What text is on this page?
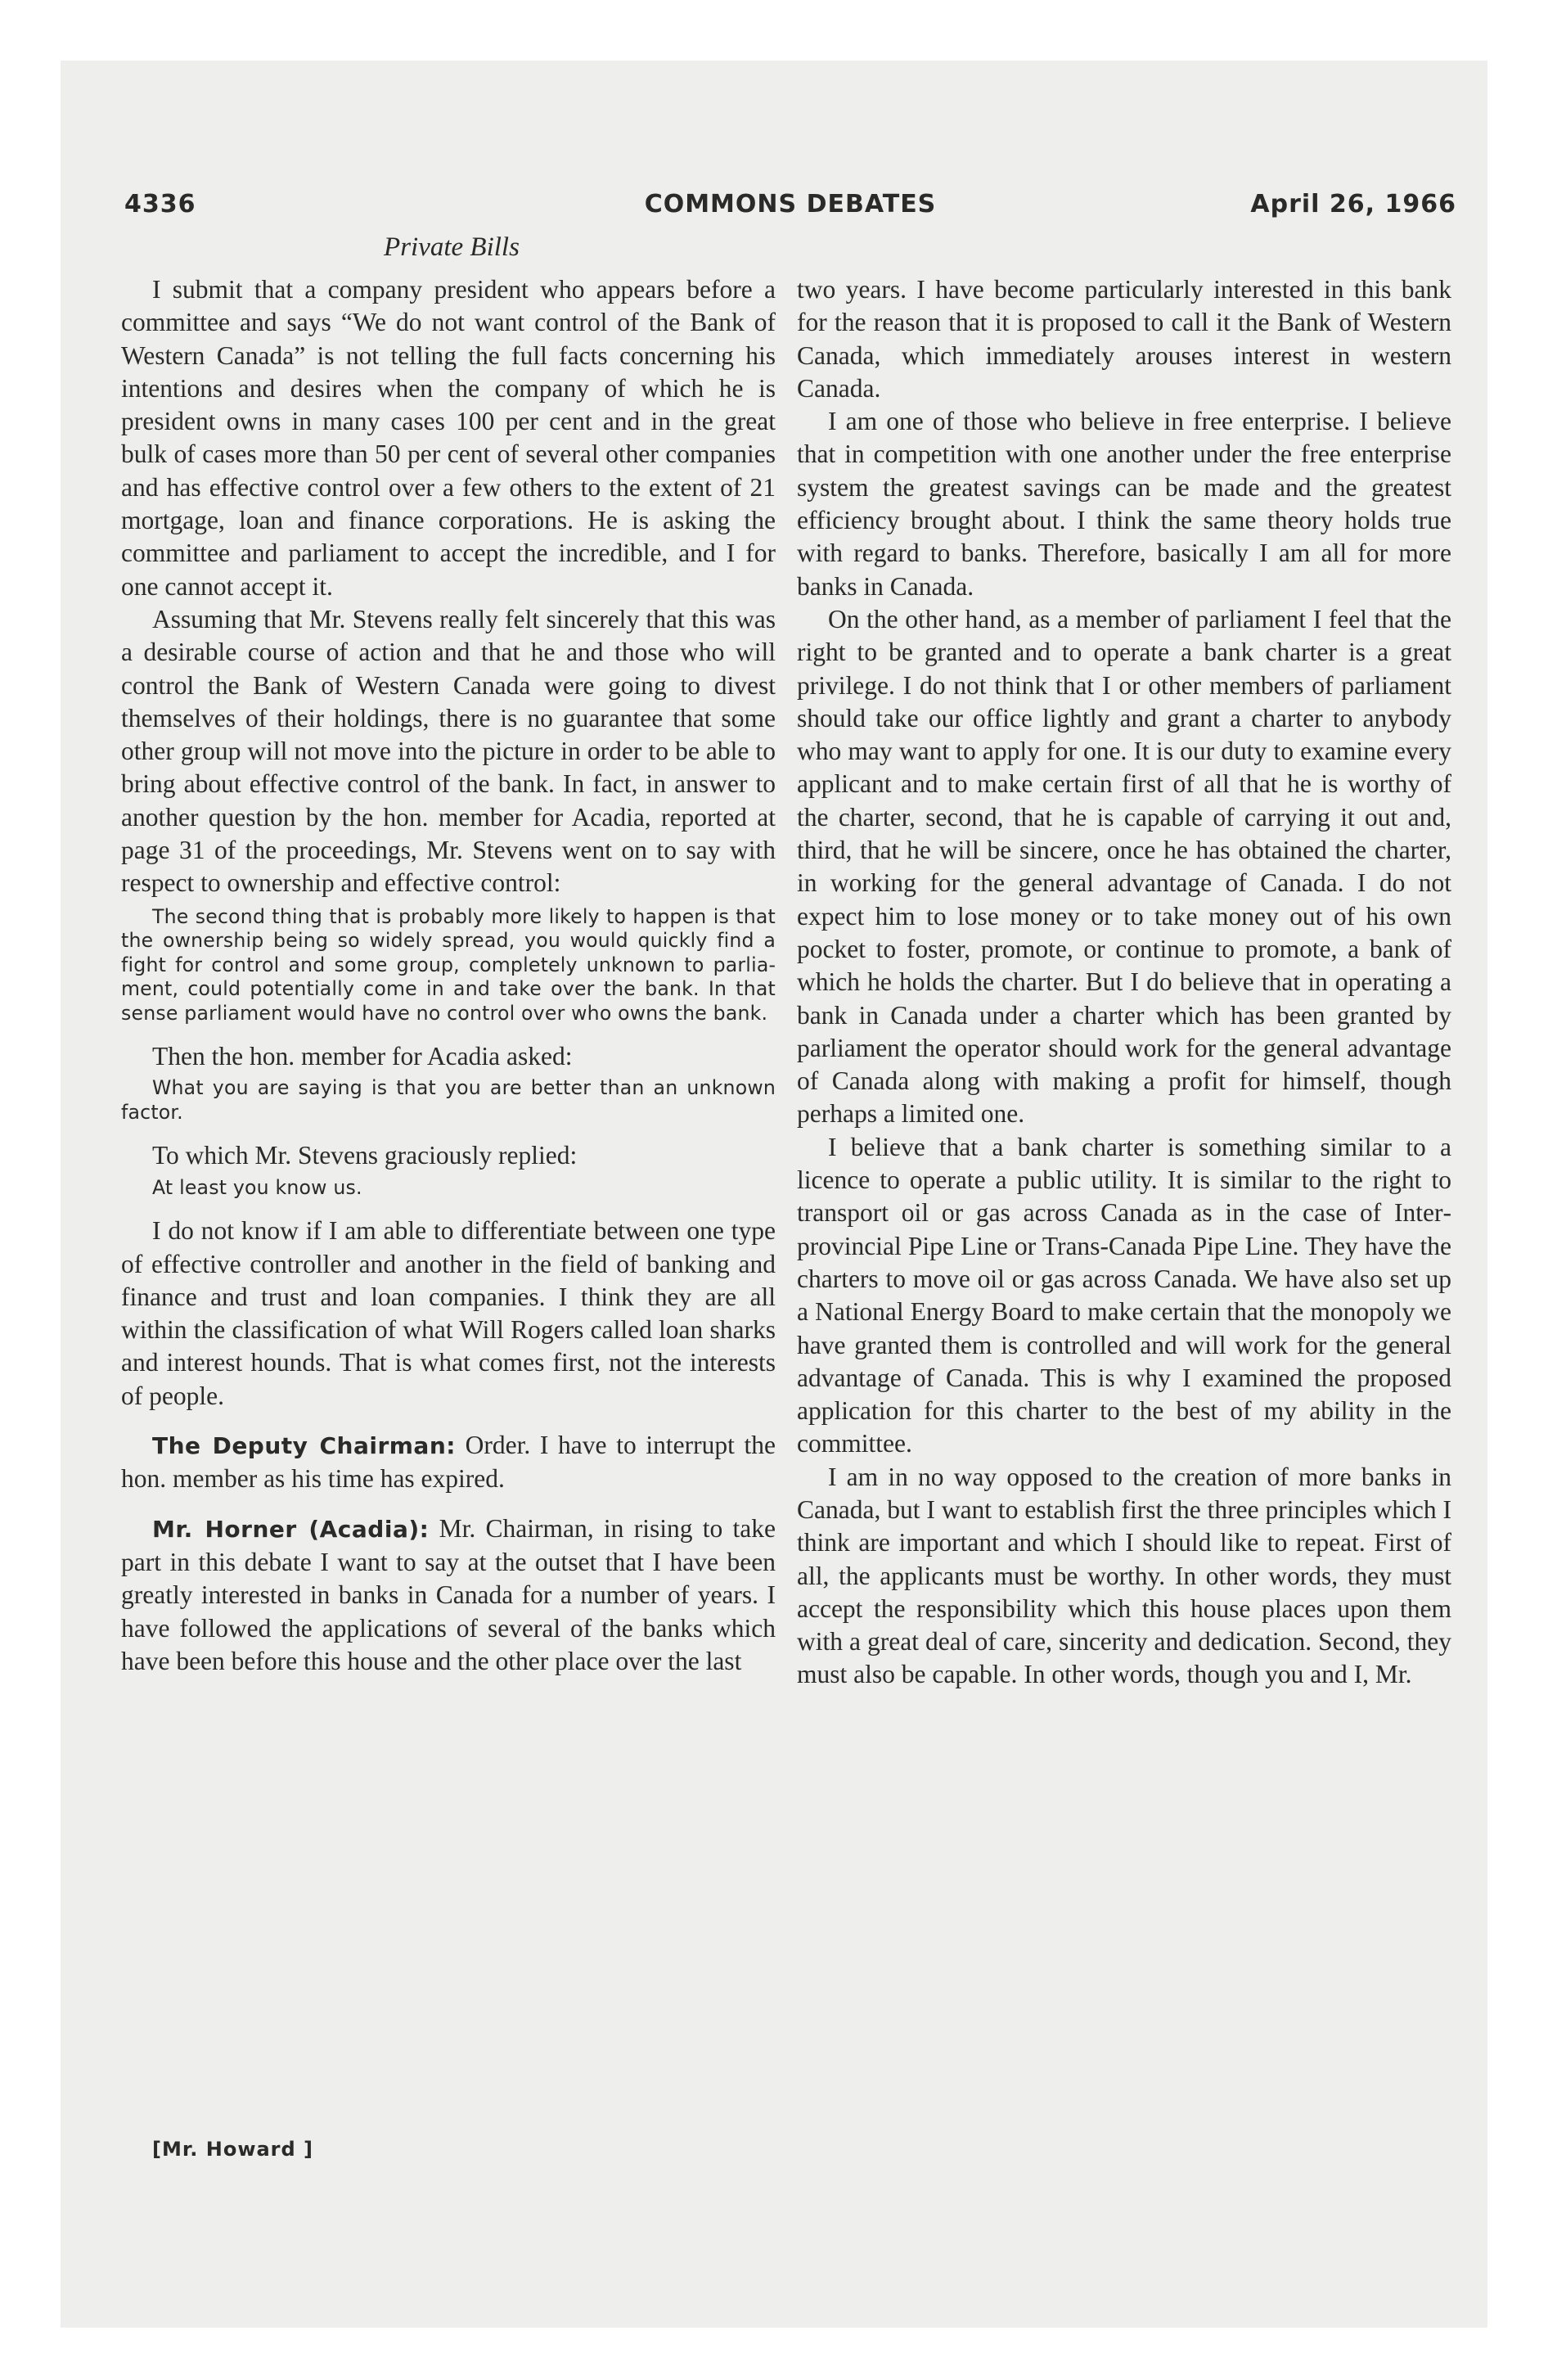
4336	COMMONS DEBATES	April 26, 1966
Private Bills

I submit that a company president who appears before a committee and says “We do not want control of the Bank of Western Canada” is not telling the full facts concerning his intentions and desires when the company of which he is president owns in many cases 100 per cent and in the great bulk of cases more than 50 per cent of several other companies and has effective control over a few others to the extent of 21 mortgage, loan and finance corporations. He is asking the committee and parliament to accept the incredible, and I for one cannot accept it.

Assuming that Mr. Stevens really felt sincerely that this was a desirable course of action and that he and those who will control the Bank of Western Canada were going to divest themselves of their holdings, there is no guarantee that some other group will not move into the picture in order to be able to bring about effective control of the bank. In fact, in answer to another question by the hon. member for Acadia, reported at page 31 of the proceedings, Mr. Stevens went on to say with respect to ownership and effective control:

The second thing that is probably more likely to happen is that the ownership being so widely spread, you would quickly find a fight for control and some group, completely unknown to parliament, could potentially come in and take over the bank. In that sense parliament would have no control over who owns the bank.

Then the hon. member for Acadia asked:

What you are saying is that you are better than an unknown factor.

To which Mr. Stevens graciously replied:

At least you know us.

I do not know if I am able to differentiate between one type of effective controller and another in the field of banking and finance and trust and loan companies. I think they are all within the classification of what Will Rogers called loan sharks and interest hounds. That is what comes first, not the interests of people.

The Deputy Chairman: Order. I have to interrupt the hon. member as his time has expired.

Mr. Horner (Acadia): Mr. Chairman, in rising to take part in this debate I want to say at the outset that I have been greatly interested in banks in Canada for a number of years. I have followed the applications of several of the banks which have been before this house and the other place over the last

two years. I have become particularly interested in this bank for the reason that it is proposed to call it the Bank of Western Canada, which immediately arouses interest in western Canada.

I am one of those who believe in free enterprise. I believe that in competition with one another under the free enterprise system the greatest savings can be made and the greatest efficiency brought about. I think the same theory holds true with regard to banks. Therefore, basically I am all for more banks in Canada.

On the other hand, as a member of parliament I feel that the right to be granted and to operate a bank charter is a great privilege. I do not think that I or other members of parliament should take our office lightly and grant a charter to anybody who may want to apply for one. It is our duty to examine every applicant and to make certain first of all that he is worthy of the charter, second, that he is capable of carrying it out and, third, that he will be sincere, once he has obtained the charter, in working for the general advantage of Canada. I do not expect him to lose money or to take money out of his own pocket to foster, promote, or continue to promote, a bank of which he holds the charter. But I do believe that in operating a bank in Canada under a charter which has been granted by parliament the operator should work for the general advantage of Canada along with making a profit for himself, though perhaps a limited one.

I believe that a bank charter is something similar to a licence to operate a public utility. It is similar to the right to transport oil or gas across Canada as in the case of Interprovincial Pipe Line or Trans-Canada Pipe Line. They have the charters to move oil or gas across Canada. We have also set up a National Energy Board to make certain that the monopoly we have granted them is controlled and will work for the general advantage of Canada. This is why I examined the proposed application for this charter to the best of my ability in the committee.

I am in no way opposed to the creation of more banks in Canada, but I want to establish first the three principles which I think are important and which I should like to repeat. First of all, the applicants must be worthy. In other words, they must accept the responsibility which this house places upon them with a great deal of care, sincerity and dedication. Second, they must also be capable. In other words, though you and I, Mr.

[Mr. Howard ]
